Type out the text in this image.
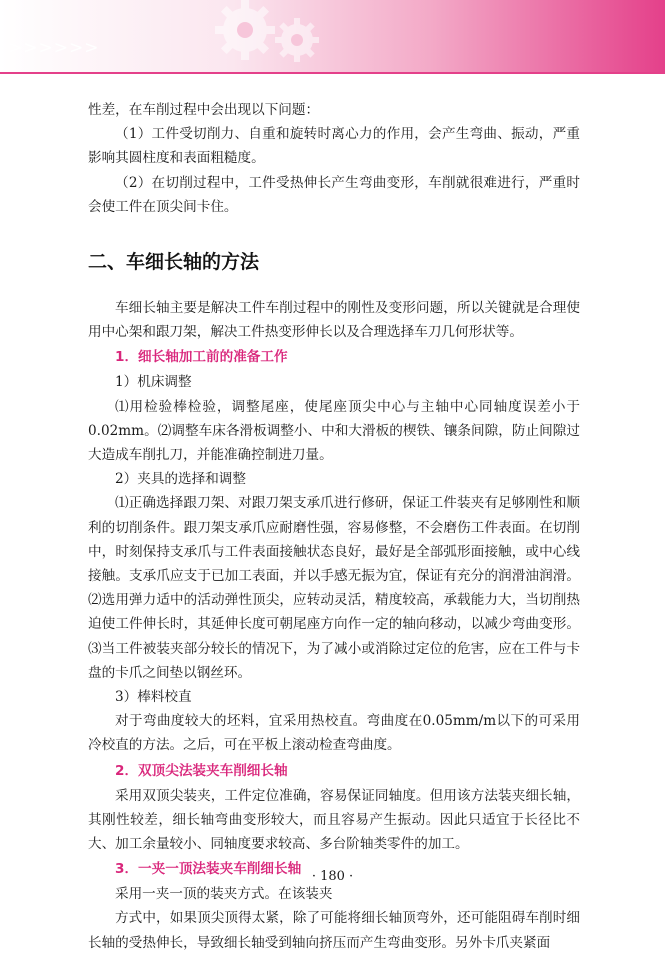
>>>>>>

性差，在车削过程中会出现以下问题：

（1）工件受切削力、自重和旋转时离心力的作用，会产生弯曲、振动，严重影响其圆柱度和表面粗糙度。

（2）在切削过程中，工件受热伸长产生弯曲变形，车削就很难进行，严重时会使工件在顶尖间卡住。

二、车细长轴的方法

车细长轴主要是解决工件车削过程中的刚性及变形问题，所以关键就是合理使用中心架和跟刀架，解决工件热变形伸长以及合理选择车刀几何形状等。

1．细长轴加工前的准备工作

1）机床调整

⑴用检验棒检验，调整尾座，使尾座顶尖中心与主轴中心同轴度误差小于0.02mm。⑵调整车床各滑板调整小、中和大滑板的楔铁、镶条间隙，防止间隙过大造成车削扎刀，并能准确控制进刀量。

2）夹具的选择和调整

⑴正确选择跟刀架、对跟刀架支承爪进行修研，保证工件装夹有足够刚性和顺利的切削条件。跟刀架支承爪应耐磨性强，容易修整，不会磨伤工件表面。在切削中，时刻保持支承爪与工件表面接触状态良好，最好是全部弧形面接触，或中心线接触。支承爪应支于已加工表面，并以手感无振为宜，保证有充分的润滑油润滑。⑵选用弹力适中的活动弹性顶尖，应转动灵活，精度较高，承载能力大，当切削热迫使工件伸长时，其延伸长度可朝尾座方向作一定的轴向移动，以减少弯曲变形。⑶当工件被装夹部分较长的情况下，为了减小或消除过定位的危害，应在工件与卡盘的卡爪之间垫以钢丝环。

3）棒料校直

对于弯曲度较大的坯料，宜采用热校直。弯曲度在0.05mm/m以下的可采用冷校直的方法。之后，可在平板上滚动检查弯曲度。

2．双顶尖法装夹车削细长轴

采用双顶尖装夹，工件定位准确，容易保证同轴度。但用该方法装夹细长轴，其刚性较差，细长轴弯曲变形较大，而且容易产生振动。因此只适宜于长径比不大、加工余量较小、同轴度要求较高、多台阶轴类零件的加工。

3．一夹一顶法装夹车削细长轴

采用一夹一顶的装夹方式。在该装夹

方式中，如果顶尖顶得太紧，除了可能将细长轴顶弯外，还可能阻碍车削时细长轴的受热伸长，导致细长轴受到轴向挤压而产生弯曲变形。另外卡爪夹紧面

· 180 ·
